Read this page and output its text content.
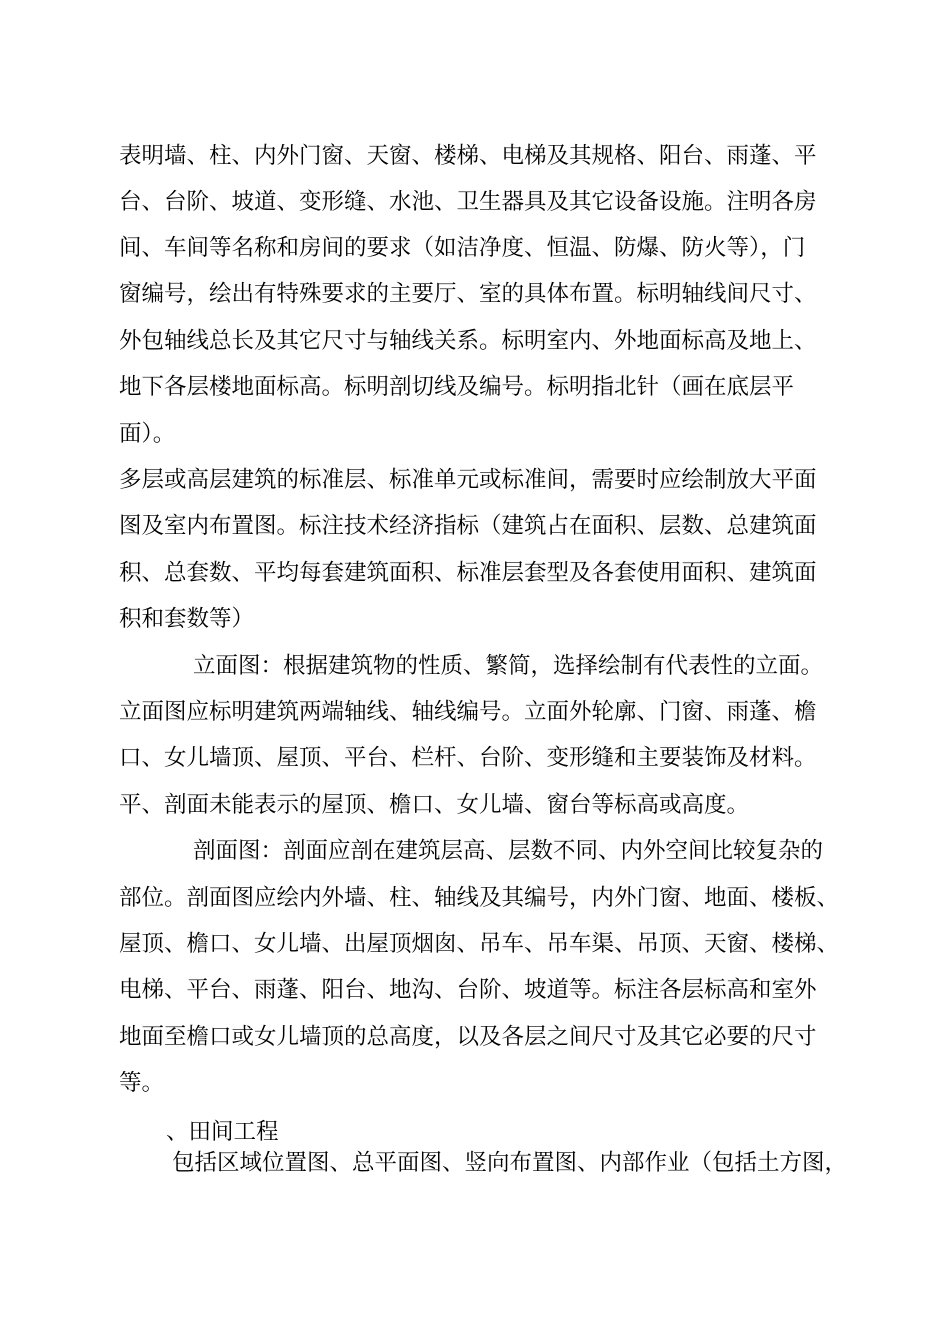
表明墙、柱、内外门窗、天窗、楼梯、电梯及其规格、阳台、雨蓬、平
台、台阶、坡道、变形缝、水池、卫生器具及其它设备设施。注明各房
间、车间等名称和房间的要求（如洁净度、恒温、防爆、防火等），门
窗编号，绘出有特殊要求的主要厅、室的具体布置。标明轴线间尺寸、
外包轴线总长及其它尺寸与轴线关系。标明室内、外地面标高及地上、
地下各层楼地面标高。标明剖切线及编号。标明指北针（画在底层平
面）。
多层或高层建筑的标准层、标准单元或标准间，需要时应绘制放大平面
图及室内布置图。标注技术经济指标（建筑占在面积、层数、总建筑面
积、总套数、平均每套建筑面积、标准层套型及各套使用面积、建筑面
积和套数等）
立面图：根据建筑物的性质、繁简，选择绘制有代表性的立面。
立面图应标明建筑两端轴线、轴线编号。立面外轮廓、门窗、雨蓬、檐
口、女儿墙顶、屋顶、平台、栏杆、台阶、变形缝和主要装饰及材料。
平、剖面未能表示的屋顶、檐口、女儿墙、窗台等标高或高度。
剖面图：剖面应剖在建筑层高、层数不同、内外空间比较复杂的
部位。剖面图应绘内外墙、柱、轴线及其编号，内外门窗、地面、楼板、
屋顶、檐口、女儿墙、出屋顶烟囱、吊车、吊车渠、吊顶、天窗、楼梯、
电梯、平台、雨蓬、阳台、地沟、台阶、坡道等。标注各层标高和室外
地面至檐口或女儿墙顶的总高度，以及各层之间尺寸及其它必要的尺寸
等。
、田间工程
包括区域位置图、总平面图、竖向布置图、内部作业（包括土方图，
